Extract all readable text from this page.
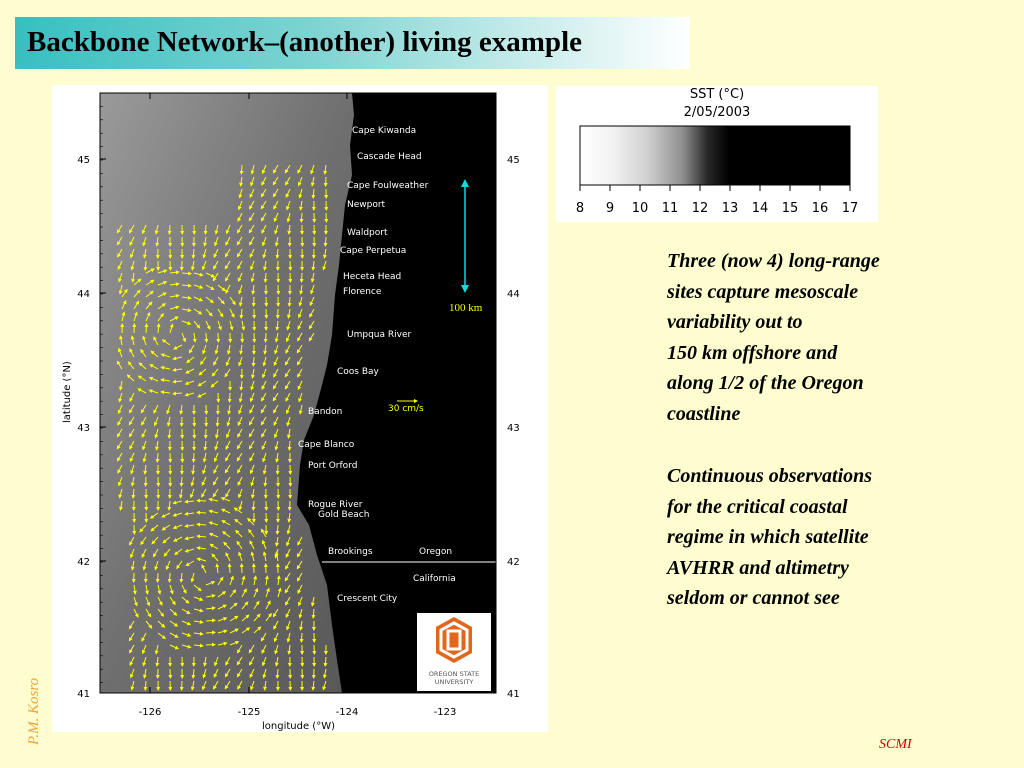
Backbone Network–(another) living example
100 km
30 cm/s
Cape Kiwanda
Cascade Head
Cape Foulweather
Newport
Waldport
Cape Perpetua
Heceta Head
Florence
Umpqua River
Coos Bay
Bandon
Cape Blanco
Port Orford
Rogue River
Gold Beach
Brookings
Crescent City
Oregon
California
45	45
44	44
43	43
42	42
41	41
-126	-125	-124	-123
longitude (°W)
latitude (°N)
OREGON STATE
UNIVERSITY
SST (°C)
2/05/2003
8 9 10 11 12 13 14 15 16 17
Three (now 4) long-range
sites capture mesoscale
variability out to
150 km offshore and
along 1/2 of the Oregon
coastline
Continuous observations
for the critical coastal
regime in which satellite
AVHRR and altimetry
seldom or cannot see
P.M. Kosro	SCMI
